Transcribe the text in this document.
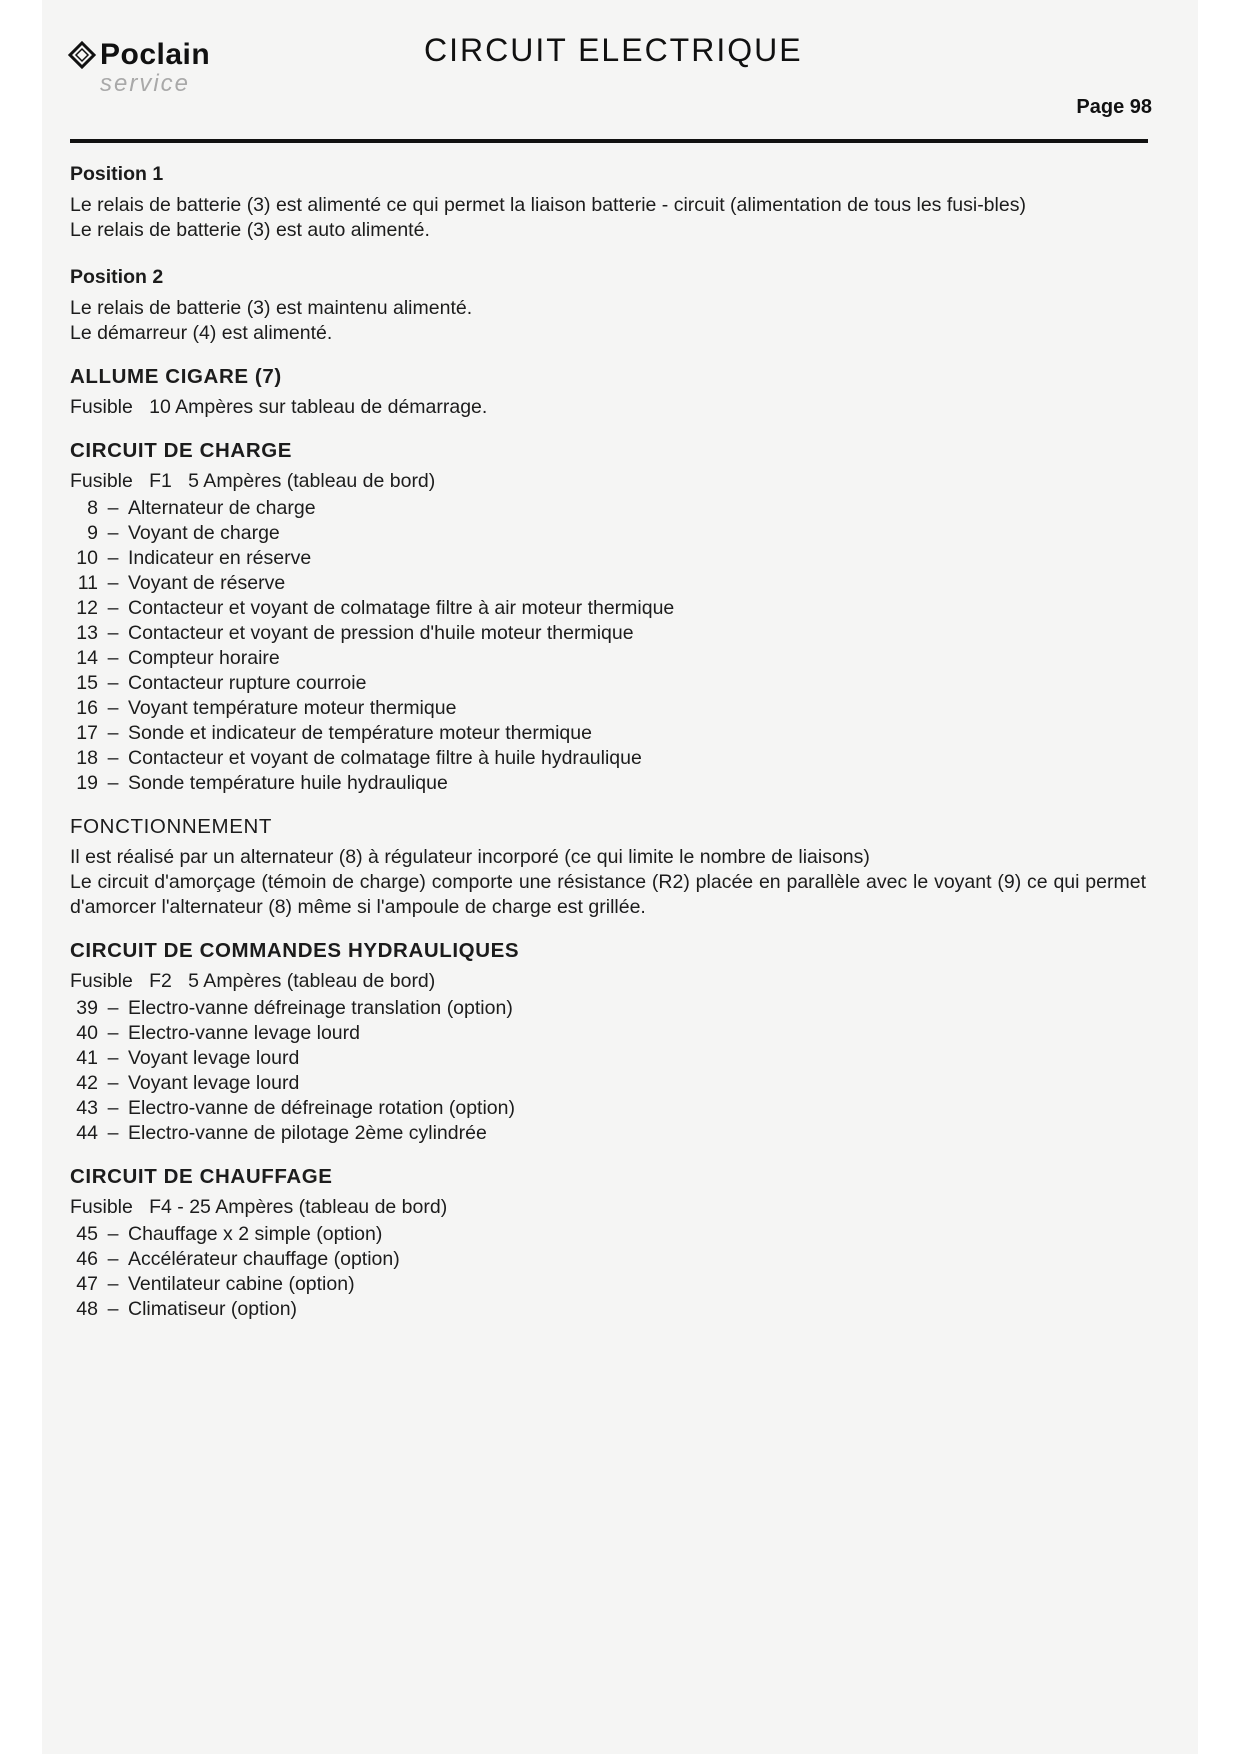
Poclain
service
CIRCUIT ELECTRIQUE
Page 98
Position 1
Le relais de batterie (3) est alimenté ce qui permet la liaison batterie - circuit (alimentation de tous les fusi-bles)
Le relais de batterie (3) est auto alimenté.
Position 2
Le relais de batterie (3) est maintenu alimenté.
Le démarreur (4) est alimenté.
ALLUME CIGARE (7)
Fusible   10 Ampères sur tableau de démarrage.
CIRCUIT DE CHARGE
Fusible   F1   5 Ampères (tableau de bord)
8 – Alternateur de charge
9 – Voyant de charge
10 – Indicateur en réserve
11 – Voyant de réserve
12 – Contacteur et voyant de colmatage filtre à air moteur thermique
13 – Contacteur et voyant de pression d'huile moteur thermique
14 – Compteur horaire
15 – Contacteur rupture courroie
16 – Voyant température moteur thermique
17 – Sonde et indicateur de température moteur thermique
18 – Contacteur et voyant de colmatage filtre à huile hydraulique
19 – Sonde température huile hydraulique
FONCTIONNEMENT
Il est réalisé par un alternateur (8) à régulateur incorporé (ce qui limite le nombre de liaisons)
Le circuit d'amorçage (témoin de charge) comporte une résistance (R2) placée en parallèle avec le voyant (9) ce qui permet d'amorcer l'alternateur (8) même si l'ampoule de charge est grillée.
CIRCUIT DE COMMANDES HYDRAULIQUES
Fusible   F2   5 Ampères (tableau de bord)
39 – Electro-vanne défreinage translation (option)
40 – Electro-vanne levage lourd
41 – Voyant levage lourd
42 – Voyant levage lourd
43 – Electro-vanne de défreinage rotation (option)
44 – Electro-vanne de pilotage 2ème cylindrée
CIRCUIT DE CHAUFFAGE
Fusible   F4 - 25 Ampères (tableau de bord)
45 – Chauffage x 2 simple (option)
46 – Accélérateur chauffage (option)
47 – Ventilateur cabine (option)
48 – Climatiseur (option)
